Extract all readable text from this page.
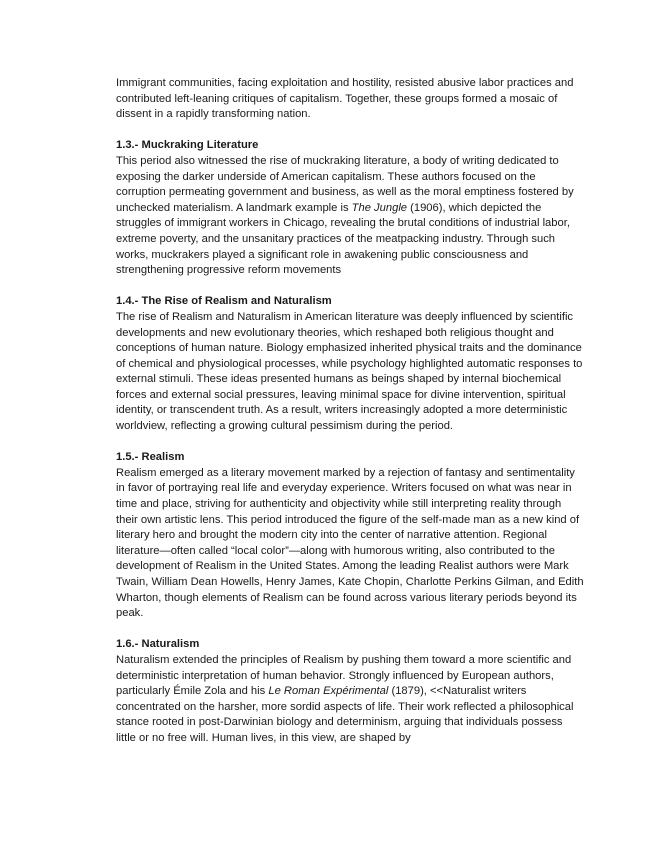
Immigrant communities, facing exploitation and hostility, resisted abusive labor practices and contributed left-leaning critiques of capitalism. Together, these groups formed a mosaic of dissent in a rapidly transforming nation.

1.3.- Muckraking Literature

This period also witnessed the rise of muckraking literature, a body of writing dedicated to exposing the darker underside of American capitalism. These authors focused on the corruption permeating government and business, as well as the moral emptiness fostered by unchecked materialism. A landmark example is The Jungle (1906), which depicted the struggles of immigrant workers in Chicago, revealing the brutal conditions of industrial labor, extreme poverty, and the unsanitary practices of the meatpacking industry. Through such works, muckrakers played a significant role in awakening public consciousness and strengthening progressive reform movements

1.4.- The Rise of Realism and Naturalism

The rise of Realism and Naturalism in American literature was deeply influenced by scientific developments and new evolutionary theories, which reshaped both religious thought and conceptions of human nature. Biology emphasized inherited physical traits and the dominance of chemical and physiological processes, while psychology highlighted automatic responses to external stimuli. These ideas presented humans as beings shaped by internal biochemical forces and external social pressures, leaving minimal space for divine intervention, spiritual identity, or transcendent truth. As a result, writers increasingly adopted a more deterministic worldview, reflecting a growing cultural pessimism during the period.

1.5.- Realism

Realism emerged as a literary movement marked by a rejection of fantasy and sentimentality in favor of portraying real life and everyday experience. Writers focused on what was near in time and place, striving for authenticity and objectivity while still interpreting reality through their own artistic lens. This period introduced the figure of the self-made man as a new kind of literary hero and brought the modern city into the center of narrative attention. Regional literature—often called “local color”—along with humorous writing, also contributed to the development of Realism in the United States. Among the leading Realist authors were Mark Twain, William Dean Howells, Henry James, Kate Chopin, Charlotte Perkins Gilman, and Edith Wharton, though elements of Realism can be found across various literary periods beyond its peak.

1.6.- Naturalism

Naturalism extended the principles of Realism by pushing them toward a more scientific and deterministic interpretation of human behavior. Strongly influenced by European authors, particularly Émile Zola and his Le Roman Expérimental (1879), <<Naturalist writers concentrated on the harsher, more sordid aspects of life. Their work reflected a philosophical stance rooted in post-Darwinian biology and determinism, arguing that individuals possess little or no free will. Human lives, in this view, are shaped by
